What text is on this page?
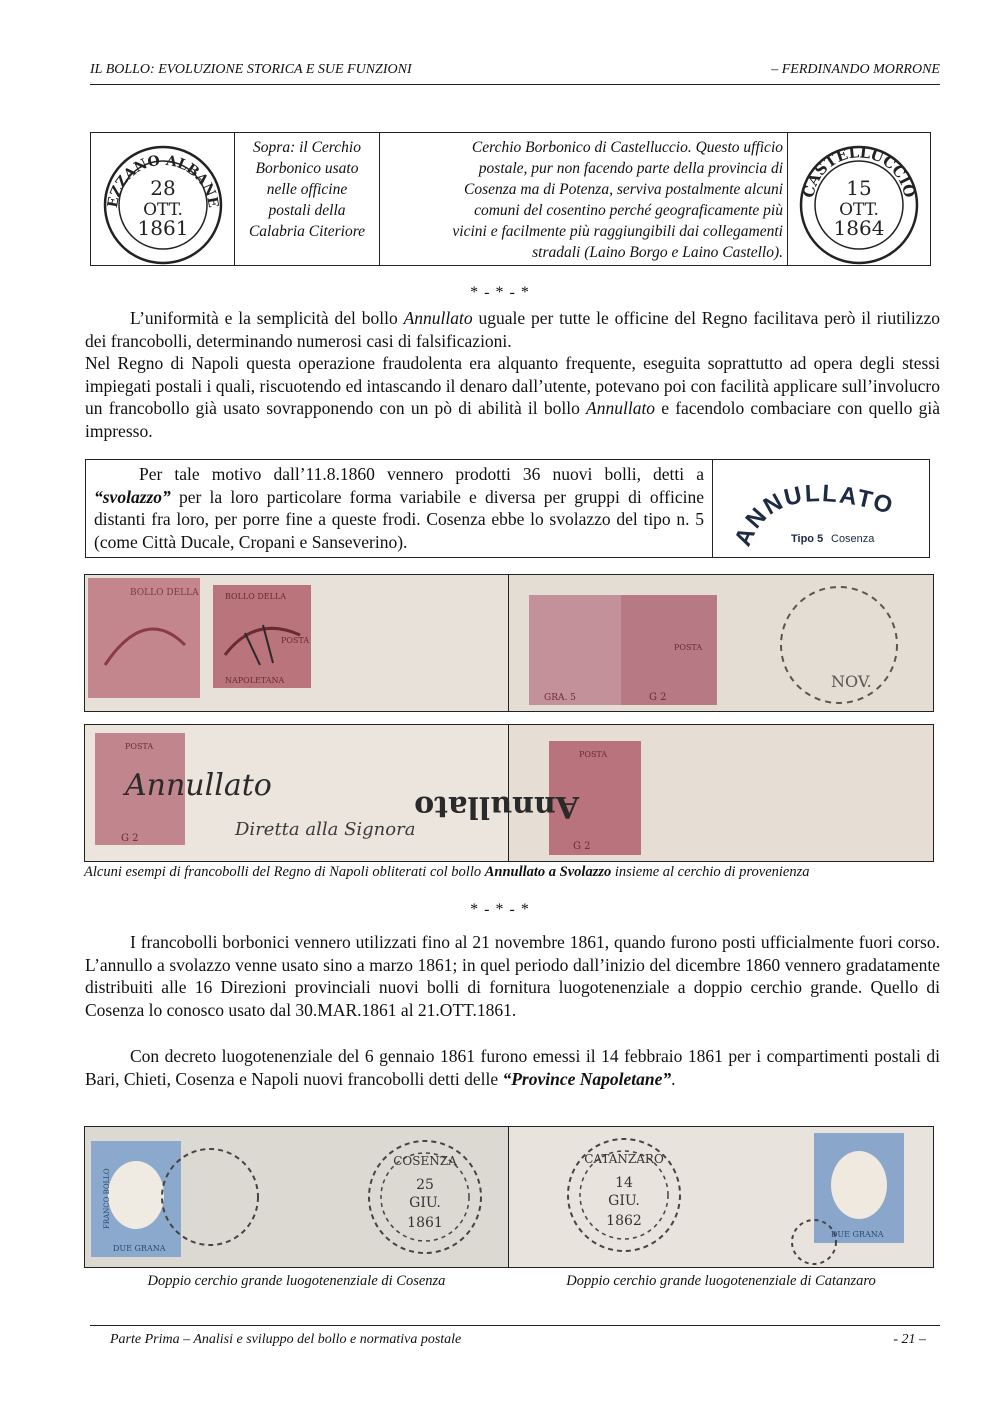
IL BOLLO: EVOLUZIONE STORICA E SUE FUNZIONI	– FERDINANDO MORRONE
EZZANO ALBANE
28
OTT.
1861
Sopra: il Cerchio
Borbonico usato
nelle officine
postali della
Calabria Citeriore
Cerchio Borbonico di Castelluccio. Questo ufficio
postale, pur non facendo parte della provincia di
Cosenza ma di Potenza, serviva postalmente alcuni
comuni del cosentino perché geograficamente più
vicini e facilmente più raggiungibili dai collegamenti
stradali (Laino Borgo e Laino Castello).
CASTELLUCCIO
15
OTT.
1864
* - * - *
L’uniformità e la semplicità del bollo Annullato uguale per tutte le officine del Regno facilitava però il riutilizzo dei francobolli, determinando numerosi casi di falsificazioni.
Nel Regno di Napoli questa operazione fraudolenta era alquanto frequente, eseguita soprattutto ad opera degli stessi impiegati postali i quali, riscuotendo ed intascando il denaro dall’utente, potevano poi con facilità applicare sull’involucro un francobollo già usato sovrapponendo con un pò di abilità il bollo Annullato e facendolo combaciare con quello già impresso.
Per tale motivo dall’11.8.1860 vennero prodotti 36 nuovi bolli, detti a “svolazzo” per la loro particolare forma variabile e diversa per gruppi di officine distanti fra loro, per porre fine a queste frodi. Cosenza ebbe lo svolazzo del tipo n. 5 (come Città Ducale, Cropani e Sanseverino).	ANNULLATO
Tipo 5 Cosenza
BOLLO DELLA	BOLLO DELLA
POSTA
NAPOLETANA
GRA. 5
POSTA
G 2
NOV.
POSTA
G 2
Annullato
Diretta alla Signora
POSTA
G 2
Annullato
Alcuni esempi di francobolli del Regno di Napoli obliterati col bollo Annullato a Svolazzo insieme al cerchio di provenienza
* - * - *
I francobolli borbonici vennero utilizzati fino al 21 novembre 1861, quando furono posti ufficialmente fuori corso. L’annullo a svolazzo venne usato sino a marzo 1861; in quel periodo dall’inizio del dicembre 1860 vennero gradatamente distribuiti alle 16 Direzioni provinciali nuovi bolli di fornitura luogotenenziale a doppio cerchio grande. Quello di Cosenza lo conosco usato dal 30.MAR.1861 al 21.OTT.1861.
Con decreto luogotenenziale del 6 gennaio 1861 furono emessi il 14 febbraio 1861 per i compartimenti postali di Bari, Chieti, Cosenza e Napoli nuovi francobolli detti delle “Province Napoletane”.
FRANCO BOLLO
DUE GRANA
COSENZA
25
GIU.
1861
CATANZARO
14
GIU.
1862
DUE GRANA
Doppio cerchio grande luogotenenziale di Cosenza	Doppio cerchio grande luogotenenziale di Catanzaro
Parte Prima – Analisi e sviluppo del bollo e normativa postale	- 21 –
